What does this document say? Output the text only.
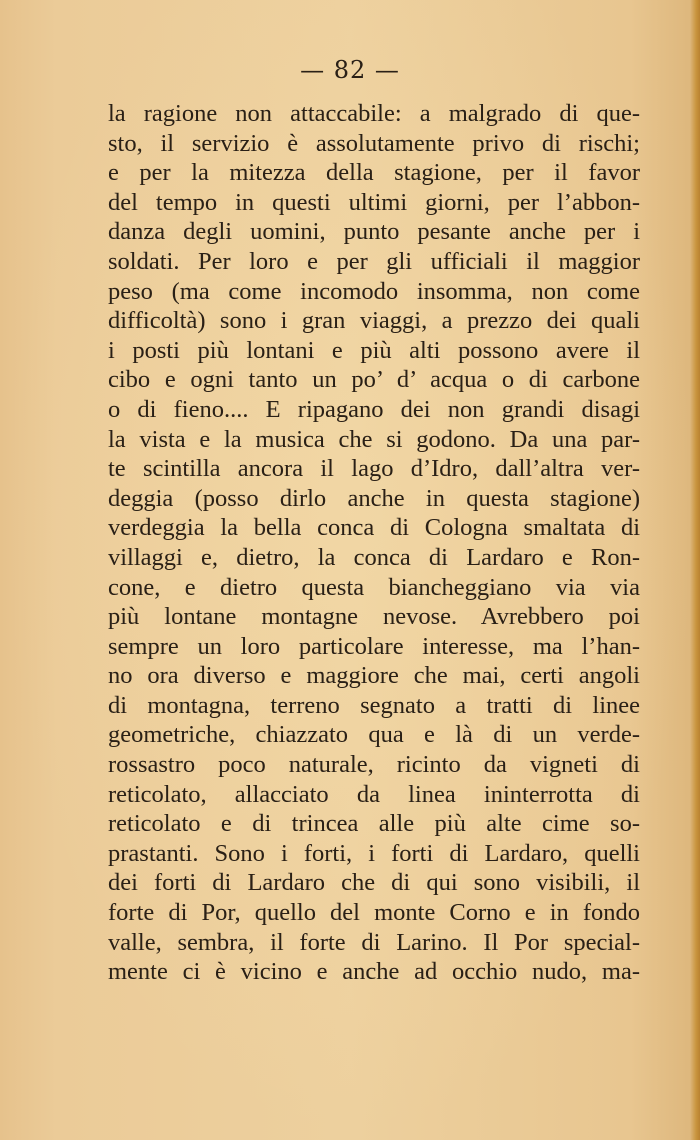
— 82 —
la ragione non attaccabile: a malgrado di que-
sto, il servizio è assolutamente privo di rischi;
e per la mitezza della stagione, per il favor
del tempo in questi ultimi giorni, per l’abbon-
danza degli uomini, punto pesante anche per i
soldati. Per loro e per gli ufficiali il maggior
peso (ma come incomodo insomma, non come
difficoltà) sono i gran viaggi, a prezzo dei quali
i posti più lontani e più alti possono avere il
cibo e ogni tanto un po’ d’ acqua o di carbone
o di fieno.... E ripagano dei non grandi disagi
la vista e la musica che si godono. Da una par-
te scintilla ancora il lago d’Idro, dall’altra ver-
deggia (posso dirlo anche in questa stagione)
verdeggia la bella conca di Cologna smaltata di
villaggi e, dietro, la conca di Lardaro e Ron-
cone, e dietro questa biancheggiano via via
più lontane montagne nevose. Avrebbero poi
sempre un loro particolare interesse, ma l’han-
no ora diverso e maggiore che mai, certi angoli
di montagna, terreno segnato a tratti di linee
geometriche, chiazzato qua e là di un verde-
rossastro poco naturale, ricinto da vigneti di
reticolato, allacciato da linea ininterrotta di
reticolato e di trincea alle più alte cime so-
prastanti. Sono i forti, i forti di Lardaro, quelli
dei forti di Lardaro che di qui sono visibili, il
forte di Por, quello del monte Corno e in fondo
valle, sembra, il forte di Larino. Il Por special-
mente ci è vicino e anche ad occhio nudo, ma-
